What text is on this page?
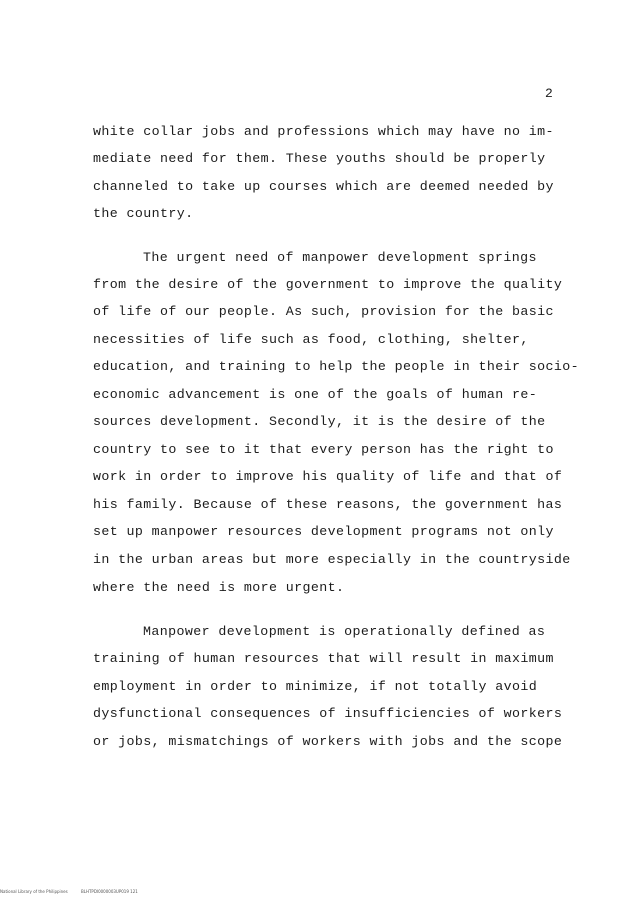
2
white collar jobs and professions which may have no im-
mediate need for them. These youths should be properly
channeled to take up courses which are deemed needed by
the country.
The urgent need of manpower development springs
from the desire of the government to improve the quality
of life of our people. As such, provision for the basic
necessities of life such as food, clothing, shelter,
education, and training to help the people in their socio-
economic advancement is one of the goals of human re-
sources development. Secondly, it is the desire of the
country to see to it that every person has the right to
work in order to improve his quality of life and that of
his family. Because of these reasons, the government has
set up manpower resources development programs not only
in the urban areas but more especially in the countryside
where the need is more urgent.
Manpower development is operationally defined as
training of human resources that will result in maximum
employment in order to minimize, if not totally avoid
dysfunctional consequences of insufficiencies of workers
or jobs, mismatchings of workers with jobs and the scope
National Library of the Philippines	BLHTPDI0000003UP019 121
